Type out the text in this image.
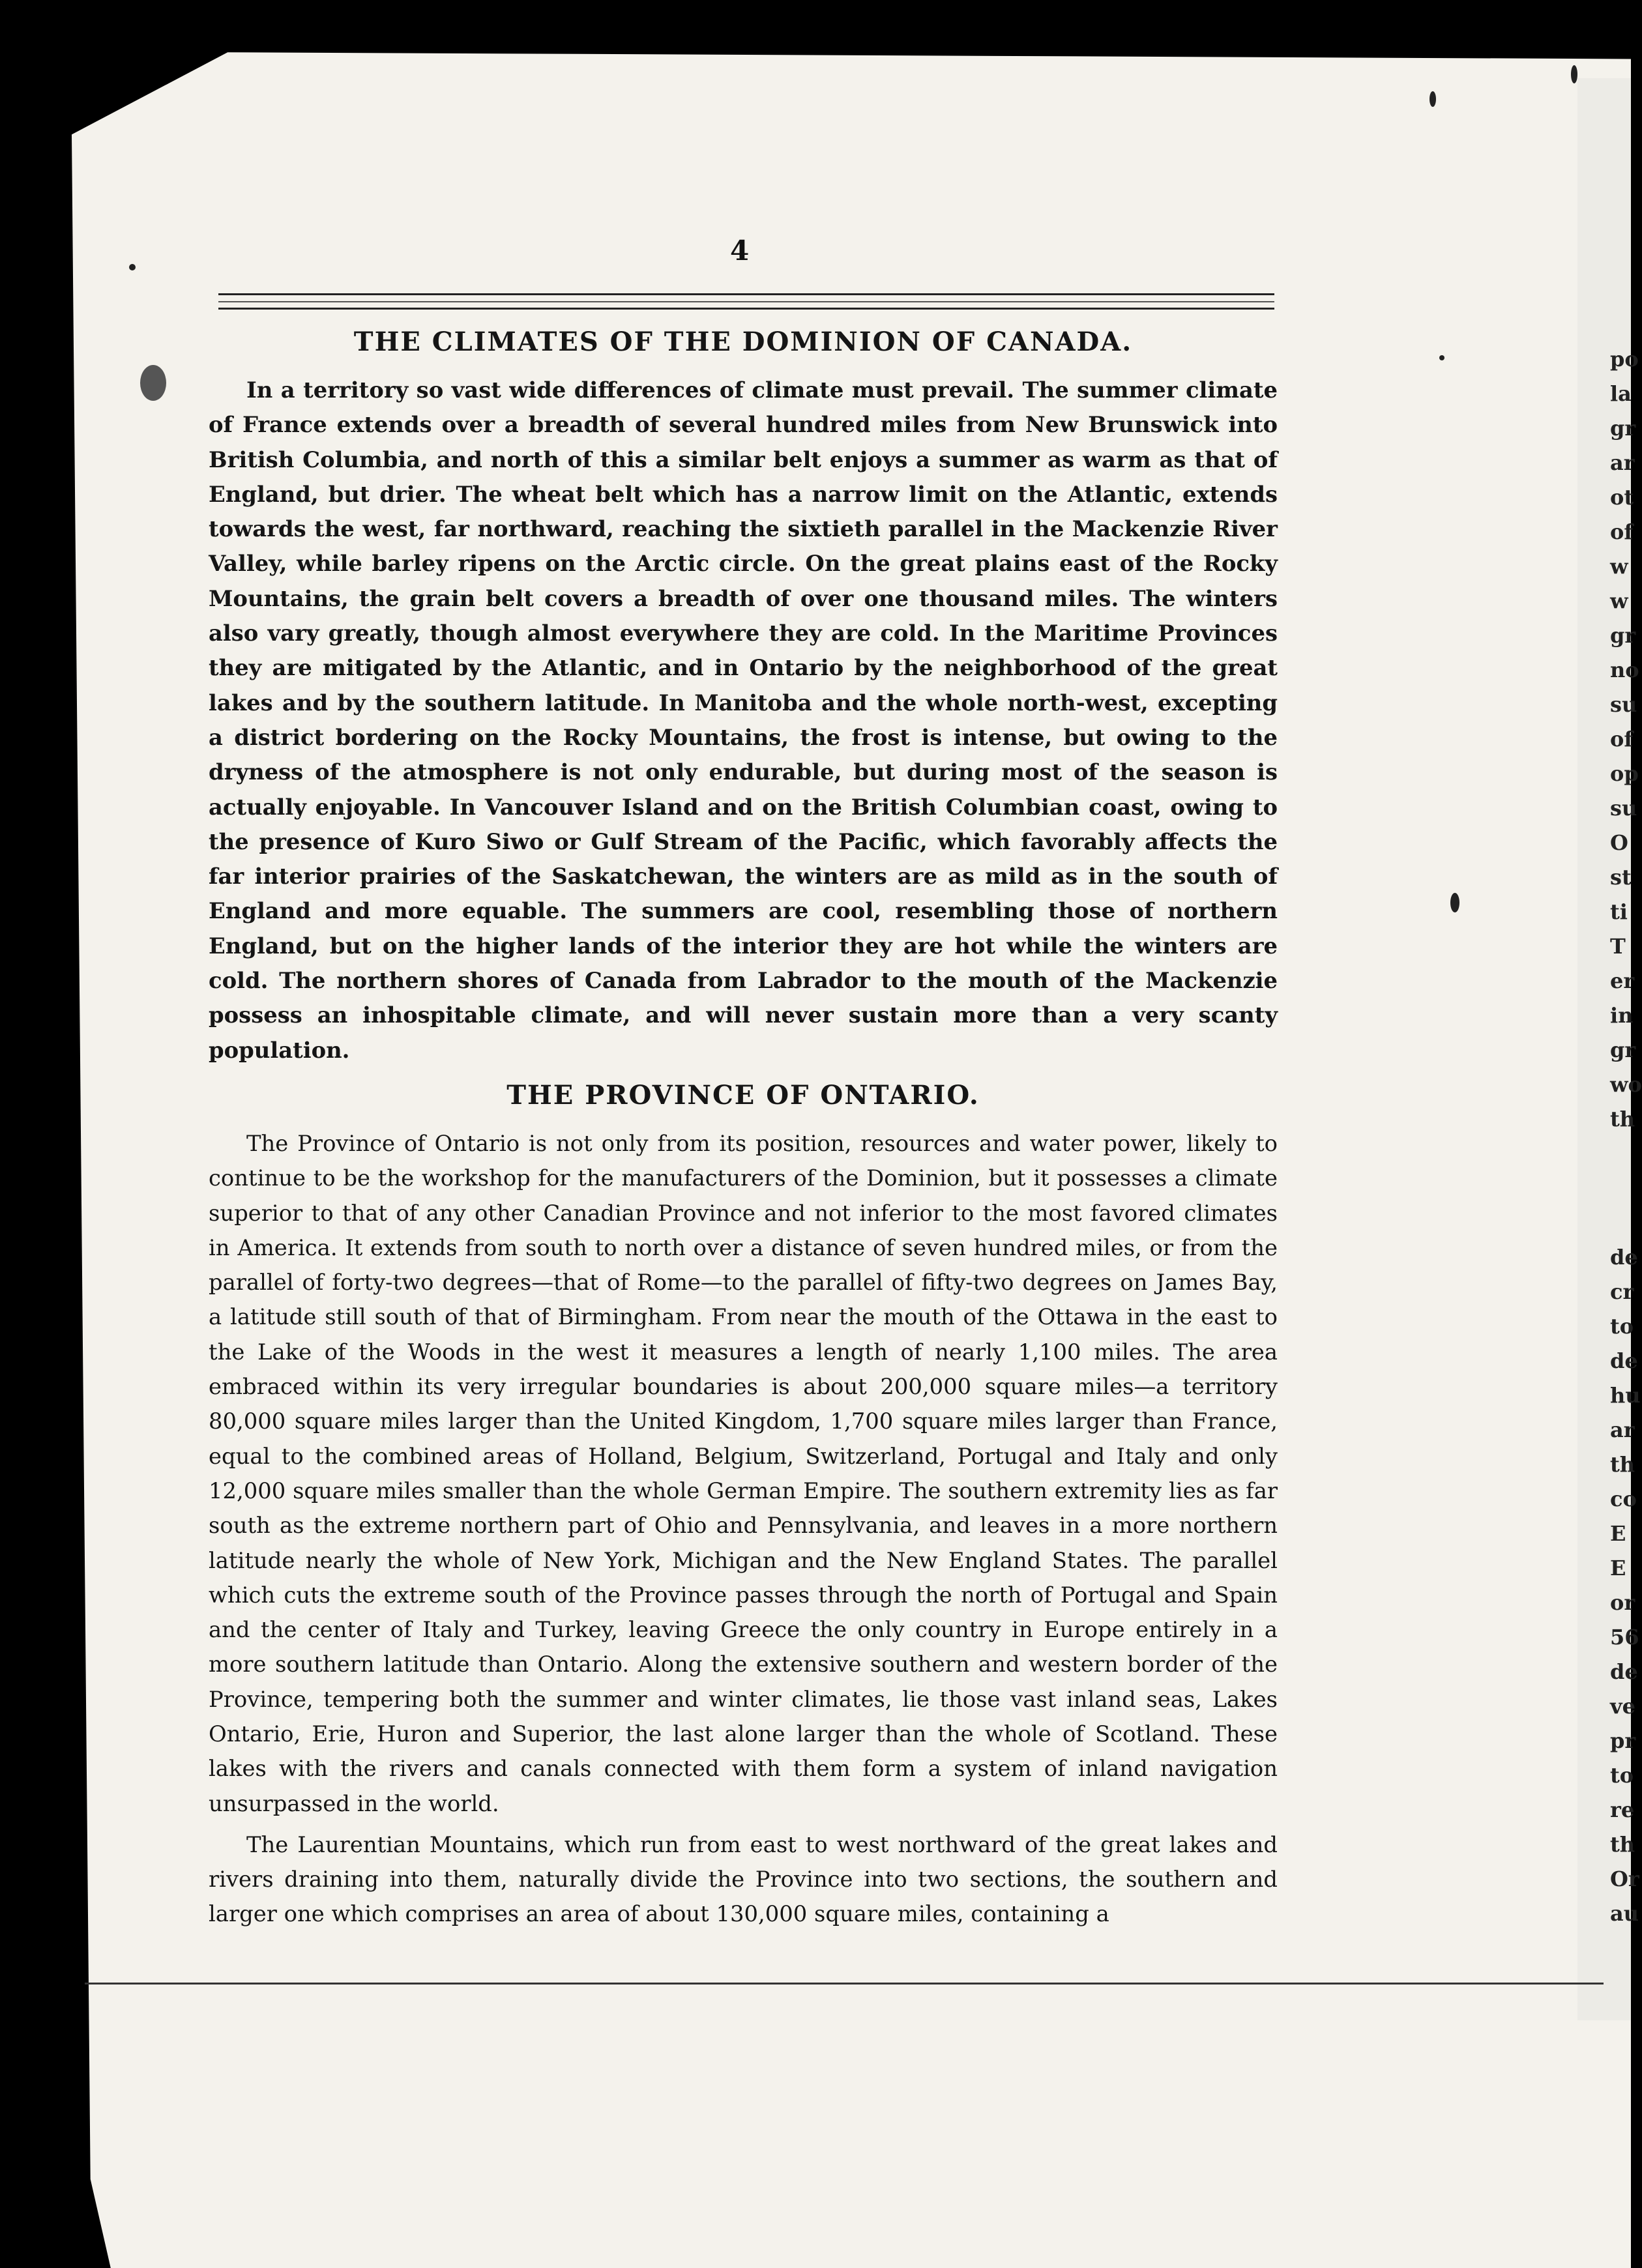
4
THE CLIMATES OF THE DOMINION OF CANADA.

In a territory so vast wide differences of climate must prevail. The summer climate of France extends over a breadth of several hundred miles from New Brunswick into British Columbia, and north of this a similar belt enjoys a summer as warm as that of England, but drier. The wheat belt which has a narrow limit on the Atlantic, extends towards the west, far northward, reaching the sixtieth parallel in the Mackenzie River Valley, while barley ripens on the Arctic circle. On the great plains east of the Rocky Mountains, the grain belt covers a breadth of over one thousand miles. The winters also vary greatly, though almost everywhere they are cold. In the Maritime Provinces they are mitigated by the Atlantic, and in Ontario by the neighborhood of the great lakes and by the southern latitude. In Manitoba and the whole north-west, excepting a district bordering on the Rocky Mountains, the frost is intense, but owing to the dryness of the atmosphere is not only endurable, but during most of the season is actually enjoyable. In Vancouver Island and on the British Columbian coast, owing to the presence of Kuro Siwo or Gulf Stream of the Pacific, which favorably affects the far interior prairies of the Saskatchewan, the winters are as mild as in the south of England and more equable. The summers are cool, resembling those of northern England, but on the higher lands of the interior they are hot while the winters are cold. The northern shores of Canada from Labrador to the mouth of the Mackenzie possess an inhospitable climate, and will never sustain more than a very scanty population.

THE PROVINCE OF ONTARIO.

The Province of Ontario is not only from its position, resources and water power, likely to continue to be the workshop for the manufacturers of the Dominion, but it possesses a climate superior to that of any other Canadian Province and not inferior to the most favored climates in America. It extends from south to north over a distance of seven hundred miles, or from the parallel of forty-two degrees—that of Rome—to the parallel of fifty-two degrees on James Bay, a latitude still south of that of Birmingham. From near the mouth of the Ottawa in the east to the Lake of the Woods in the west it measures a length of nearly 1,100 miles. The area embraced within its very irregular boundaries is about 200,000 square miles—a territory 80,000 square miles larger than the United Kingdom, 1,700 square miles larger than France, equal to the combined areas of Holland, Belgium, Switzerland, Portugal and Italy and only 12,000 square miles smaller than the whole German Empire. The southern extremity lies as far south as the extreme northern part of Ohio and Pennsylvania, and leaves in a more northern latitude nearly the whole of New York, Michigan and the New England States. The parallel which cuts the extreme south of the Province passes through the north of Portugal and Spain and the center of Italy and Turkey, leaving Greece the only country in Europe entirely in a more southern latitude than Ontario. Along the extensive southern and western border of the Province, tempering both the summer and winter climates, lie those vast inland seas, Lakes Ontario, Erie, Huron and Superior, the last alone larger than the whole of Scotland. These lakes with the rivers and canals connected with them form a system of inland navigation unsurpassed in the world.

The Laurentian Mountains, which run from east to west northward of the great lakes and rivers draining into them, naturally divide the Province into two sections, the southern and larger one which comprises an area of about 130,000 square miles, containing a

po
la
gr
ar
ot
of
w
w
gr
no
su
of
op
su
O
st
ti
T
er
in
gr
wo
th
de
cr
to
de
hu
ar
th
co
E
E
or
56
de
ve
pr
to
re
th
Or
au
